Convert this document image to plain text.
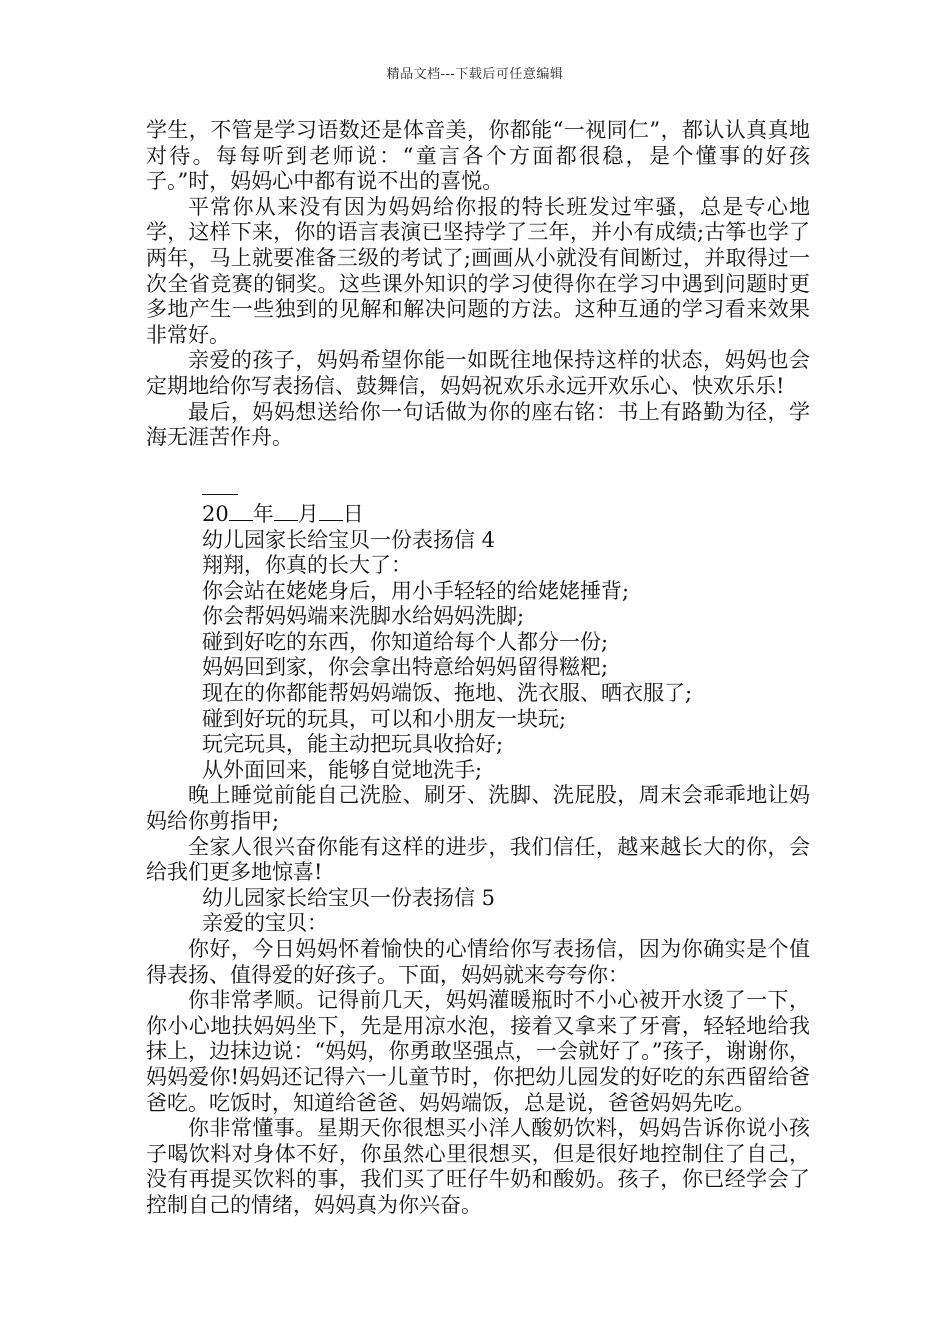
精品文档---下载后可任意编辑

学生，不管是学习语数还是体音美，你都能“一视同仁”，都认认真真地对待。每每听到老师说：“童言各个方面都很稳，是个懂事的好孩子。”时，妈妈心中都有说不出的喜悦。

平常你从来没有因为妈妈给你报的特长班发过牢骚，总是专心地学，这样下来，你的语言表演已坚持学了三年，并小有成绩;古筝也学了两年，马上就要准备三级的考试了;画画从小就没有间断过，并取得过一次全省竞赛的铜奖。这些课外知识的学习使得你在学习中遇到问题时更多地产生一些独到的见解和解决问题的方法。这种互通的学习看来效果非常好。

亲爱的孩子，妈妈希望你能一如既往地保持这样的状态，妈妈也会定期地给你写表扬信、鼓舞信，妈妈祝欢乐永远开欢乐心、快欢乐乐!

最后，妈妈想送给你一句话做为你的座右铭：书上有路勤为径，学海无涯苦作舟。

20 年 月 日

幼儿园家长给宝贝一份表扬信 4

翔翔，你真的长大了：

你会站在姥姥身后，用小手轻轻的给姥姥捶背;

你会帮妈妈端来洗脚水给妈妈洗脚;

碰到好吃的东西，你知道给每个人都分一份;

妈妈回到家，你会拿出特意给妈妈留得糍粑;

现在的你都能帮妈妈端饭、拖地、洗衣服、晒衣服了;

碰到好玩的玩具，可以和小朋友一块玩;

玩完玩具，能主动把玩具收拾好;

从外面回来，能够自觉地洗手;

晚上睡觉前能自己洗脸、刷牙、洗脚、洗屁股，周末会乖乖地让妈妈给你剪指甲;

全家人很兴奋你能有这样的进步，我们信任，越来越长大的你，会给我们更多地惊喜!

幼儿园家长给宝贝一份表扬信 5

亲爱的宝贝：

你好，今日妈妈怀着愉快的心情给你写表扬信，因为你确实是个值得表扬、值得爱的好孩子。下面，妈妈就来夸夸你：

你非常孝顺。记得前几天，妈妈灌暖瓶时不小心被开水烫了一下，你小心地扶妈妈坐下，先是用凉水泡，接着又拿来了牙膏，轻轻地给我抹上，边抹边说：“妈妈，你勇敢坚强点，一会就好了。”孩子，谢谢你，妈妈爱你!妈妈还记得六一儿童节时，你把幼儿园发的好吃的东西留给爸爸吃。吃饭时，知道给爸爸、妈妈端饭，总是说，爸爸妈妈先吃。

你非常懂事。星期天你很想买小洋人酸奶饮料，妈妈告诉你说小孩子喝饮料对身体不好，你虽然心里很想买，但是很好地控制住了自己，没有再提买饮料的事，我们买了旺仔牛奶和酸奶。孩子，你已经学会了控制自己的情绪，妈妈真为你兴奋。
